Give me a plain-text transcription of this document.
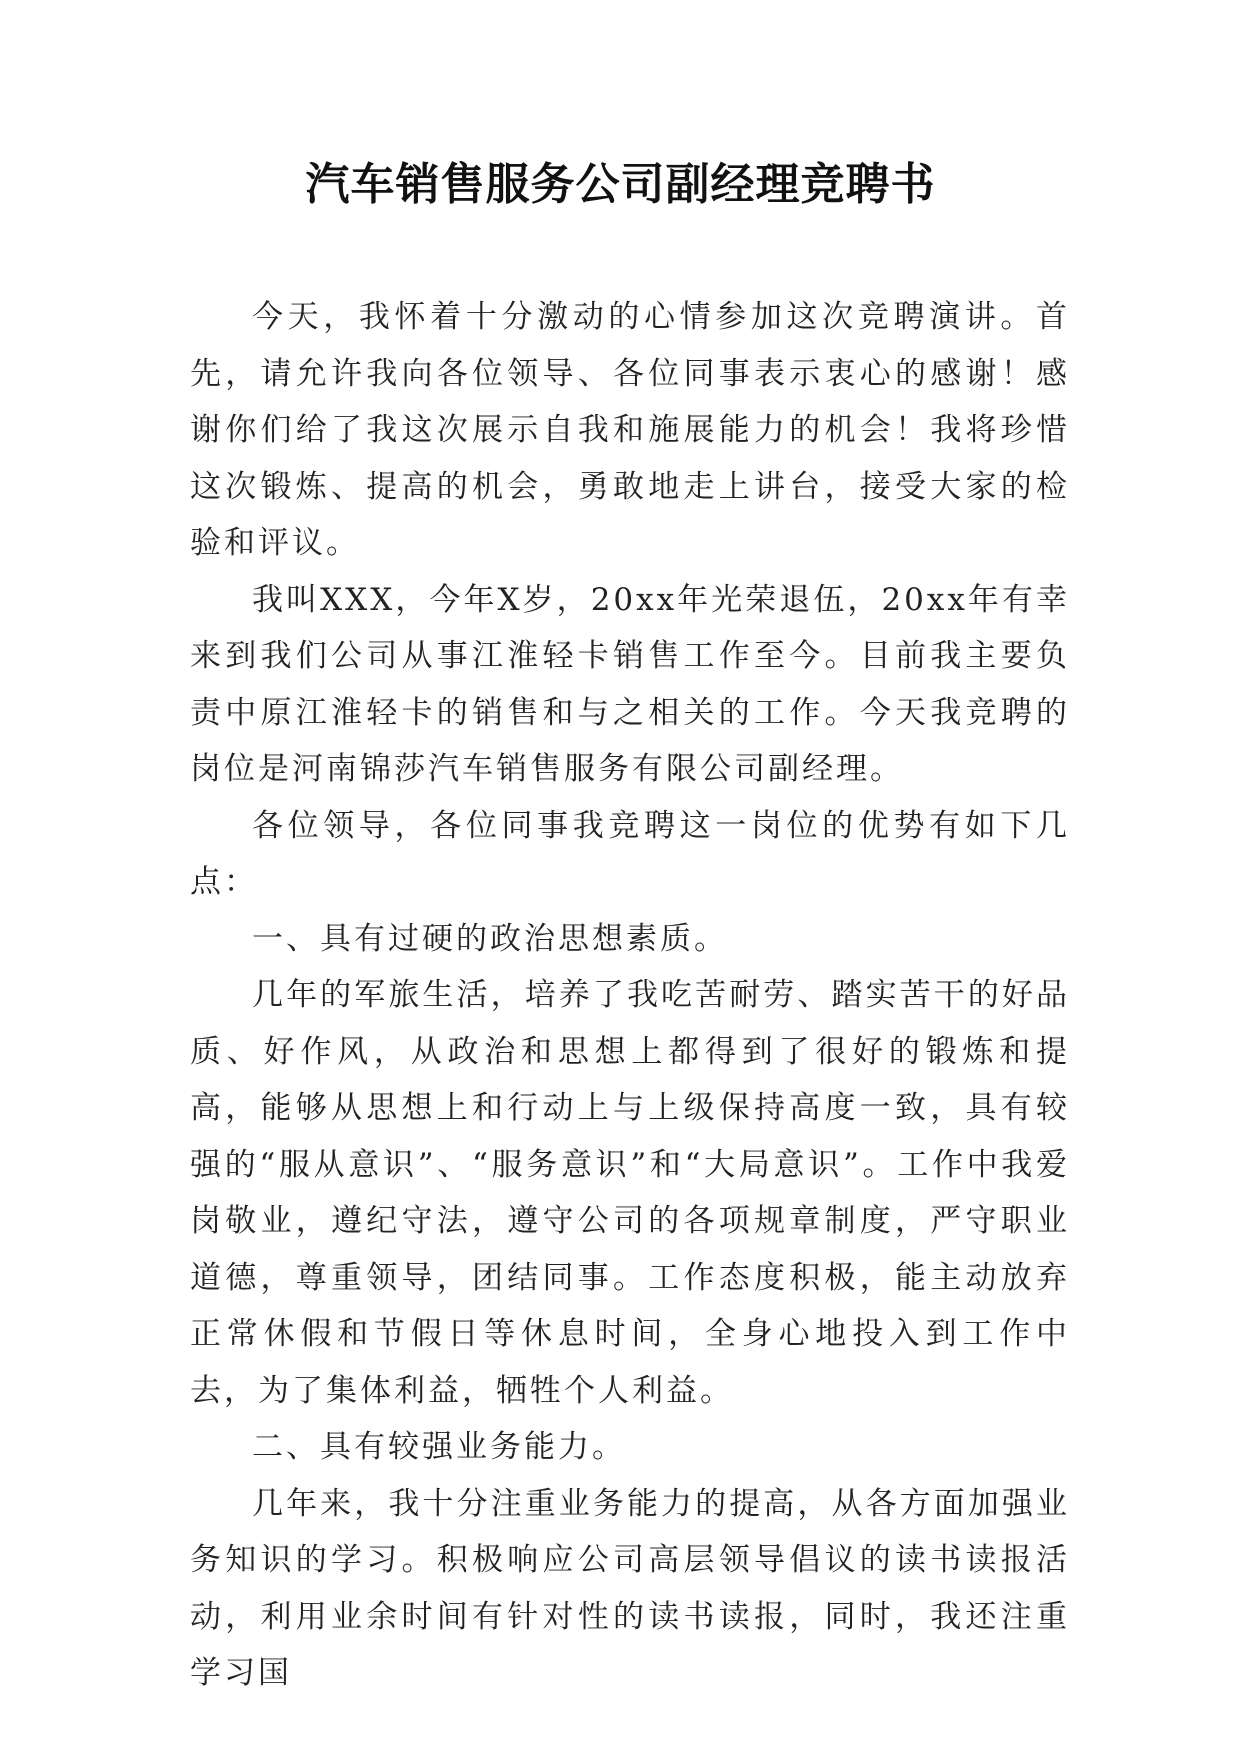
汽车销售服务公司副经理竞聘书

今天，我怀着十分激动的心情参加这次竞聘演讲。首先，请允许我向各位领导、各位同事表示衷心的感谢！感谢你们给了我这次展示自我和施展能力的机会！我将珍惜这次锻炼、提高的机会，勇敢地走上讲台，接受大家的检验和评议。

我叫XXX，今年X岁，20xx年光荣退伍，20xx年有幸来到我们公司从事江淮轻卡销售工作至今。目前我主要负责中原江淮轻卡的销售和与之相关的工作。今天我竞聘的岗位是河南锦莎汽车销售服务有限公司副经理。

各位领导，各位同事我竞聘这一岗位的优势有如下几点：

一、具有过硬的政治思想素质。

几年的军旅生活，培养了我吃苦耐劳、踏实苦干的好品质、好作风，从政治和思想上都得到了很好的锻炼和提高，能够从思想上和行动上与上级保持高度一致，具有较强的“服从意识”、“服务意识”和“大局意识”。工作中我爱岗敬业，遵纪守法，遵守公司的各项规章制度，严守职业道德，尊重领导，团结同事。工作态度积极，能主动放弃正常休假和节假日等休息时间，全身心地投入到工作中去，为了集体利益，牺牲个人利益。

二、具有较强业务能力。

几年来，我十分注重业务能力的提高，从各方面加强业务知识的学习。积极响应公司高层领导倡议的读书读报活动，利用业余时间有针对性的读书读报，同时，我还注重学习国
